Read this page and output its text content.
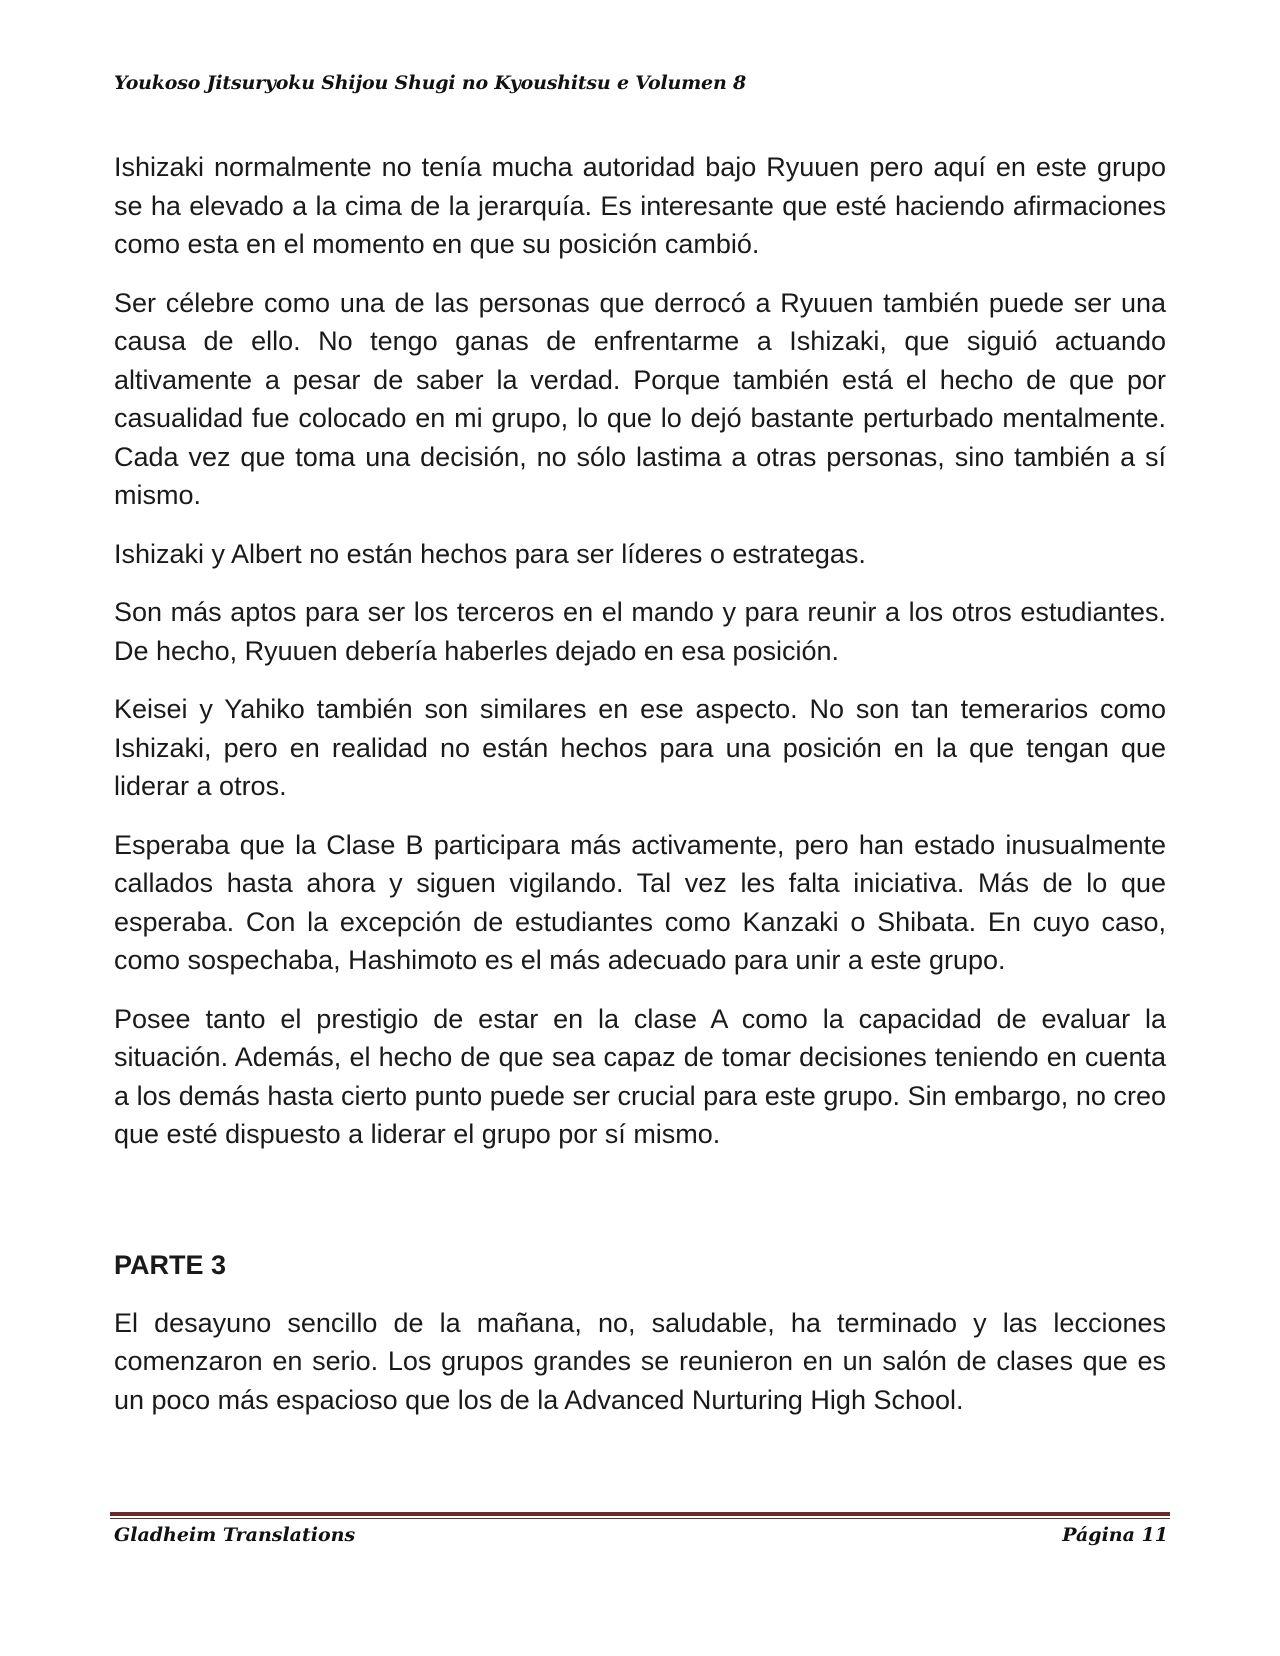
Youkoso Jitsuryoku Shijou Shugi no Kyoushitsu e Volumen 8

Ishizaki normalmente no tenía mucha autoridad bajo Ryuuen pero aquí en este grupo se ha elevado a la cima de la jerarquía. Es interesante que esté haciendo afirmaciones como esta en el momento en que su posición cambió.

Ser célebre como una de las personas que derrocó a Ryuuen también puede ser una causa de ello. No tengo ganas de enfrentarme a Ishizaki, que siguió actuando altivamente a pesar de saber la verdad. Porque también está el hecho de que por casualidad fue colocado en mi grupo, lo que lo dejó bastante perturbado mentalmente. Cada vez que toma una decisión, no sólo lastima a otras personas, sino también a sí mismo.

Ishizaki y Albert no están hechos para ser líderes o estrategas.

Son más aptos para ser los terceros en el mando y para reunir a los otros estudiantes. De hecho, Ryuuen debería haberles dejado en esa posición.

Keisei y Yahiko también son similares en ese aspecto. No son tan temerarios como Ishizaki, pero en realidad no están hechos para una posición en la que tengan que liderar a otros.

Esperaba que la Clase B participara más activamente, pero han estado inusualmente callados hasta ahora y siguen vigilando. Tal vez les falta iniciativa. Más de lo que esperaba. Con la excepción de estudiantes como Kanzaki o Shibata. En cuyo caso, como sospechaba, Hashimoto es el más adecuado para unir a este grupo.

Posee tanto el prestigio de estar en la clase A como la capacidad de evaluar la situación. Además, el hecho de que sea capaz de tomar decisiones teniendo en cuenta a los demás hasta cierto punto puede ser crucial para este grupo. Sin embargo, no creo que esté dispuesto a liderar el grupo por sí mismo.

PARTE 3

El desayuno sencillo de la mañana, no, saludable, ha terminado y las lecciones comenzaron en serio. Los grupos grandes se reunieron en un salón de clases que es un poco más espacioso que los de la Advanced Nurturing High School.

Gladheim Translations	Página 11
